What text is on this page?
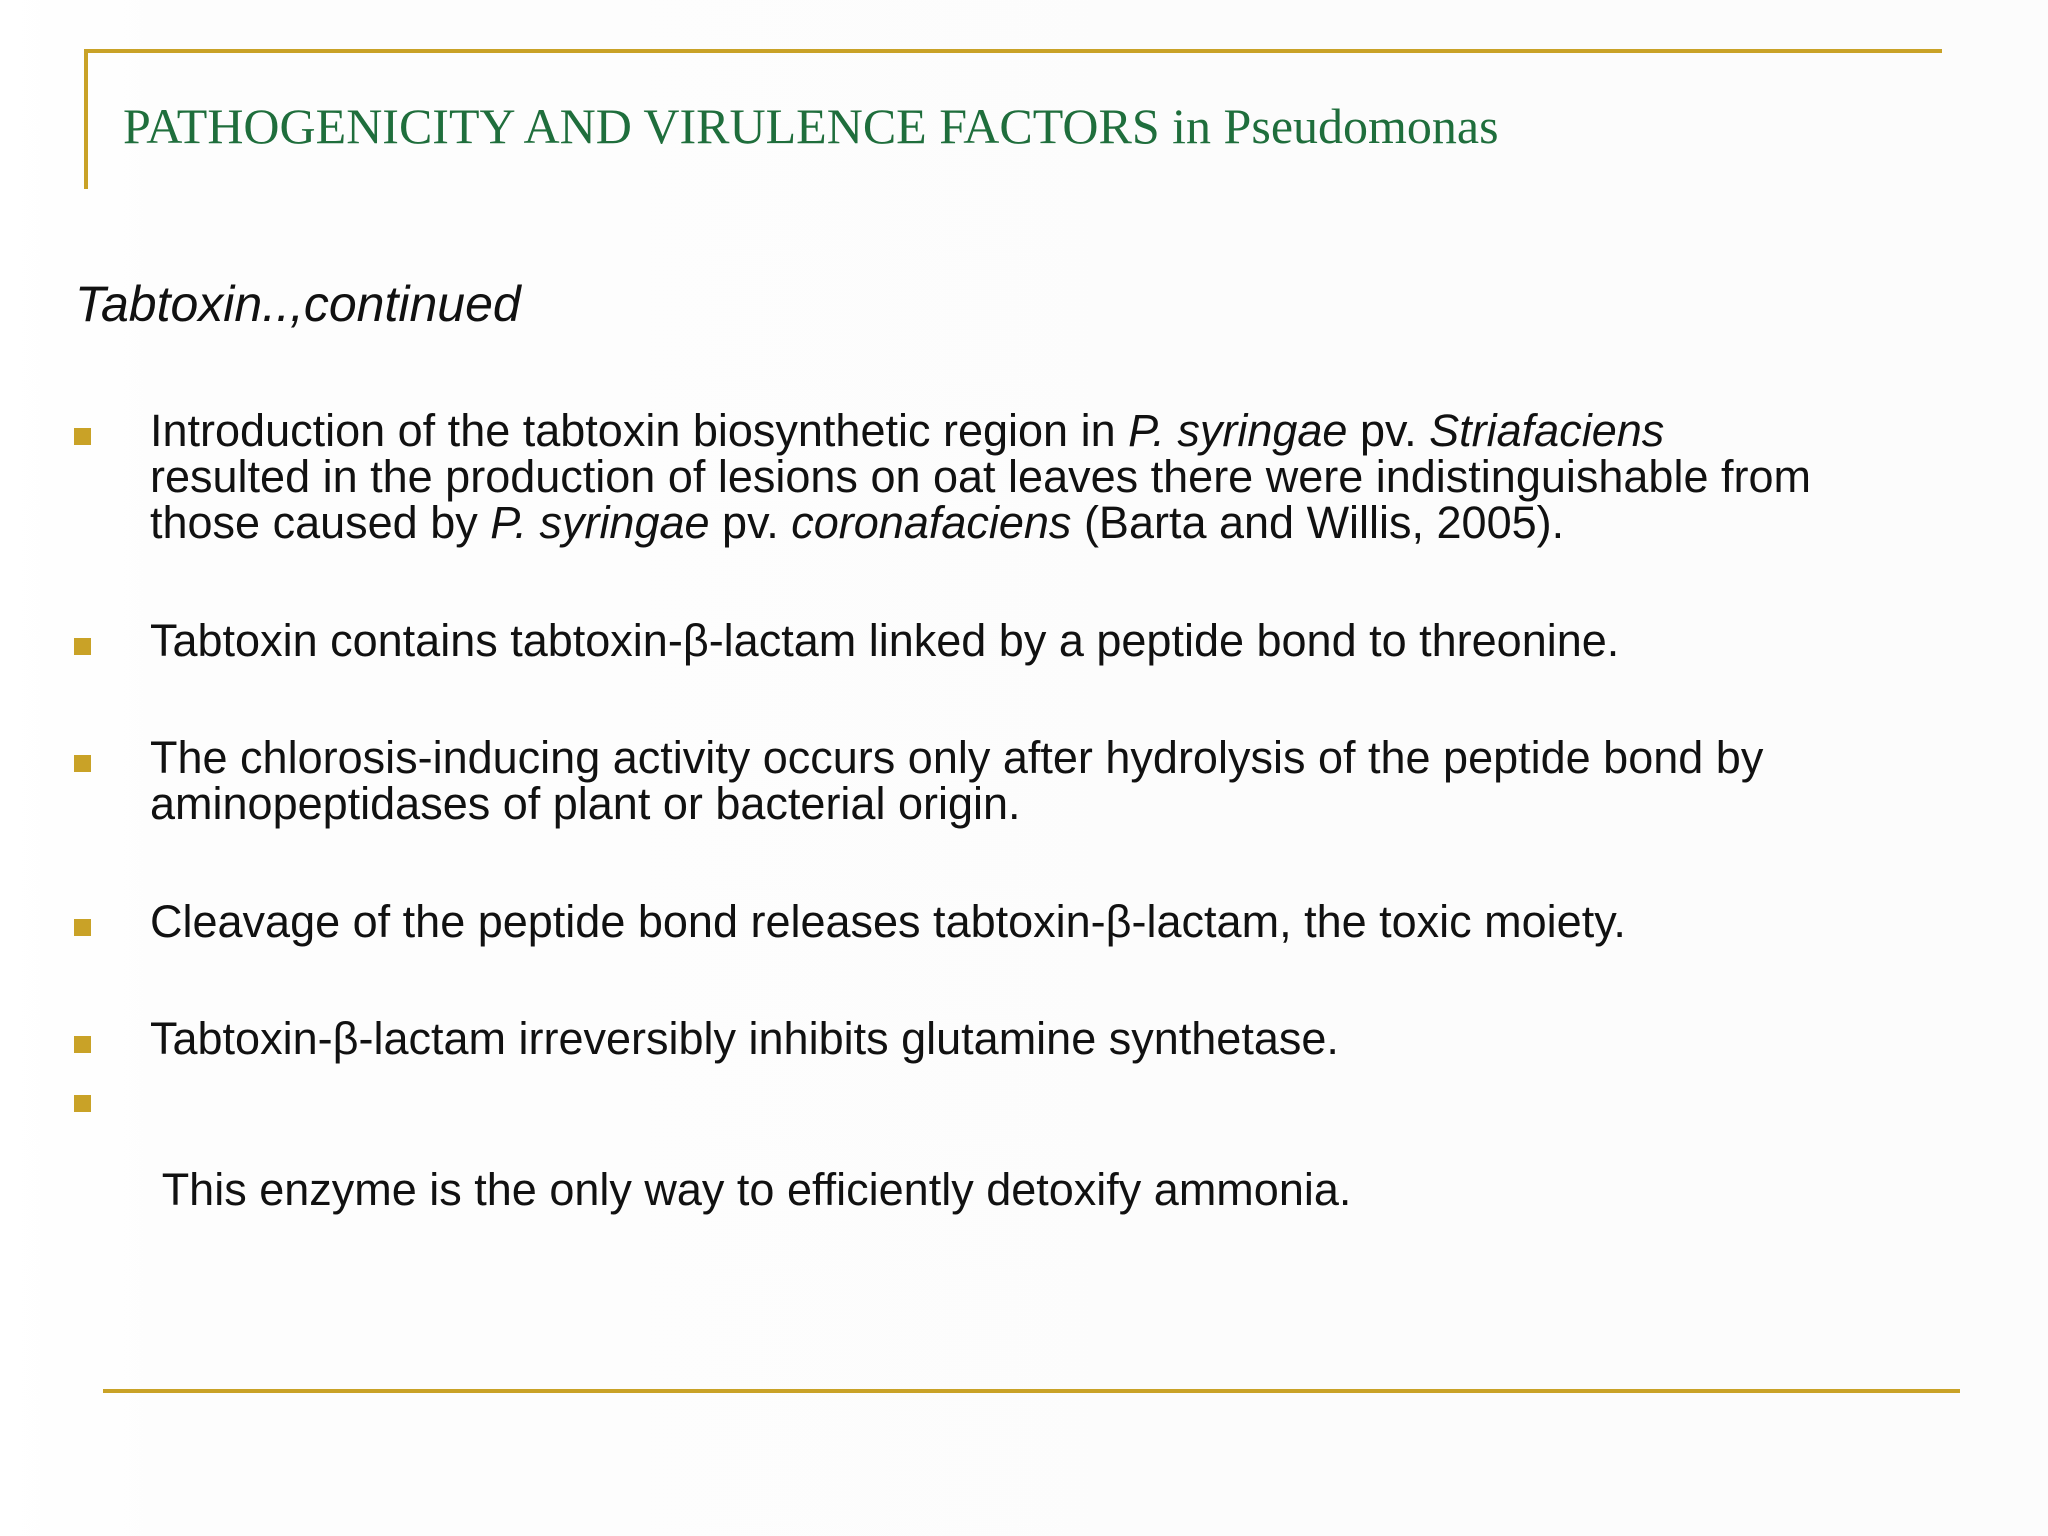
PATHOGENICITY AND VIRULENCE FACTORS in Pseudomonas
Tabtoxin..,continued
Introduction of the tabtoxin biosynthetic region in P. syringae pv. Striafaciens
resulted in the production of lesions on oat leaves there were indistinguishable from
those caused by P. syringae pv. coronafaciens (Barta and Willis, 2005).
Tabtoxin contains tabtoxin-β-lactam linked by a peptide bond to threonine.
The chlorosis-inducing activity occurs only after hydrolysis of the peptide bond by
aminopeptidases of plant or bacterial origin.
Cleavage of the peptide bond releases tabtoxin-β-lactam, the toxic moiety.
Tabtoxin-β-lactam irreversibly inhibits glutamine synthetase.

This enzyme is the only way to efficiently detoxify ammonia.
